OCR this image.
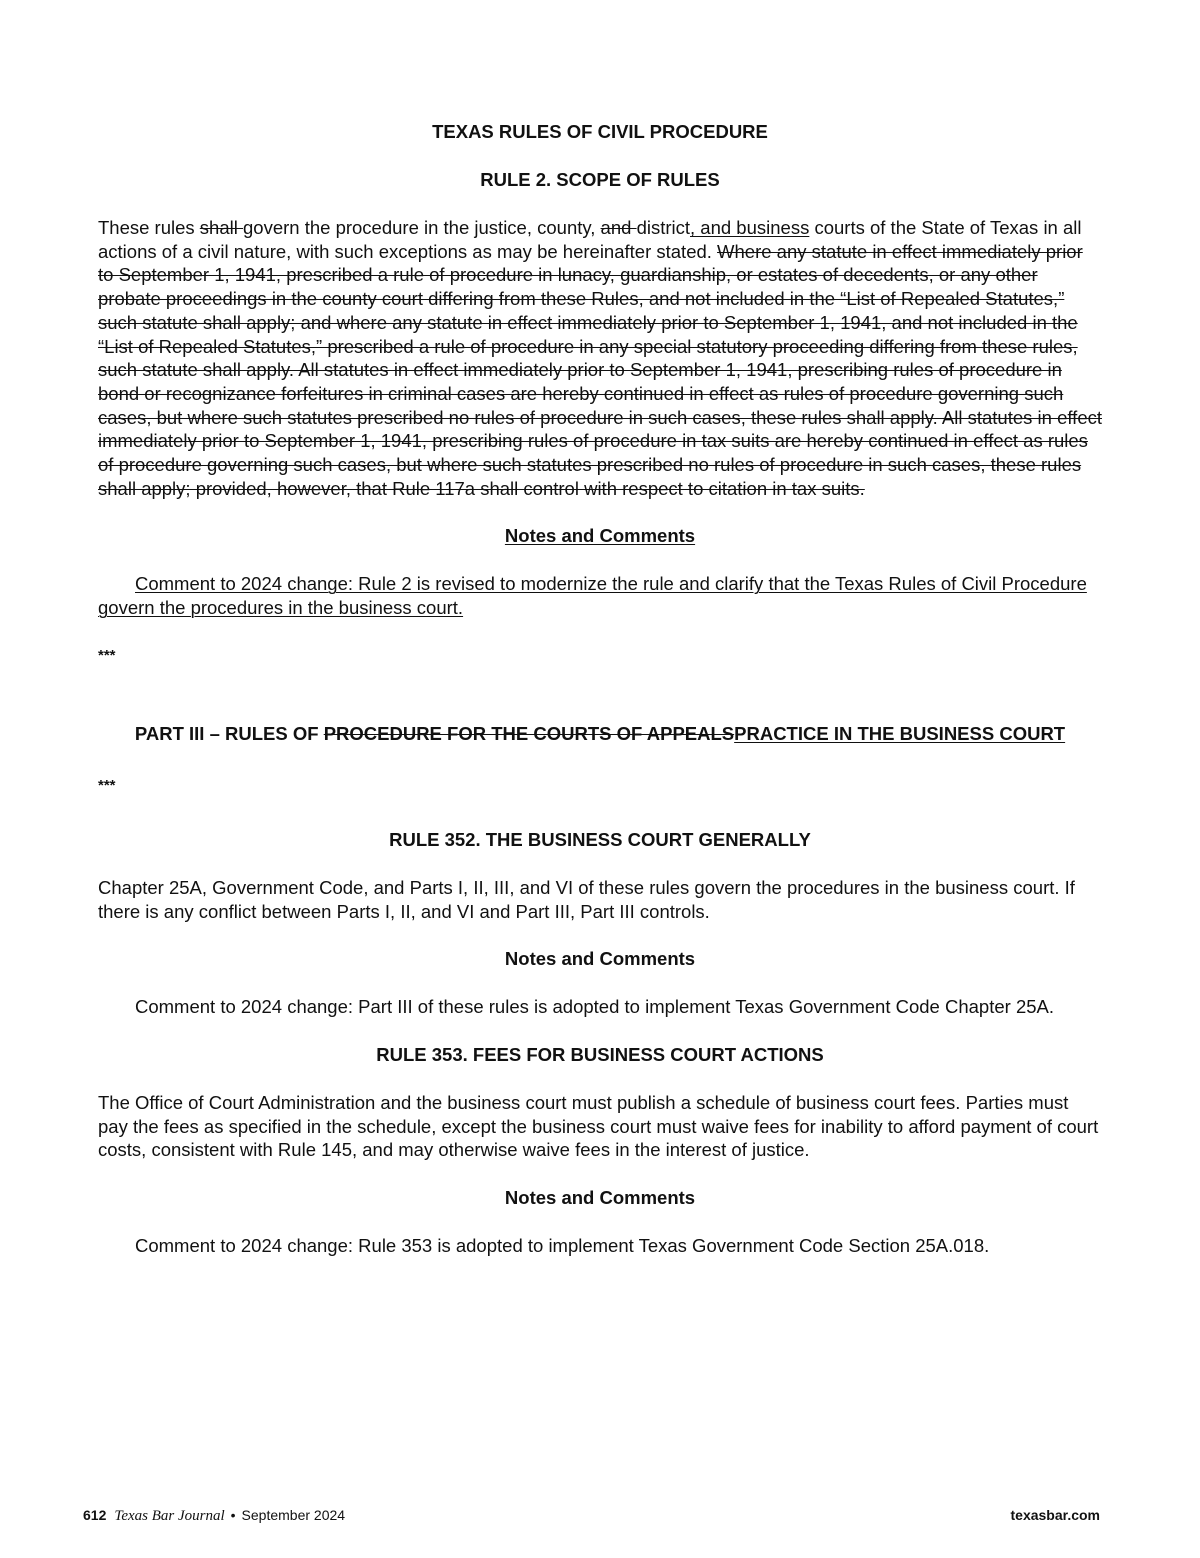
TEXAS RULES OF CIVIL PROCEDURE

RULE 2. SCOPE OF RULES

These rules shall govern the procedure in the justice, county, and district, and business courts of the State of Texas in all actions of a civil nature, with such exceptions as may be hereinafter stated. Where any statute in effect immediately prior to September 1, 1941, prescribed a rule of procedure in lunacy, guardianship, or estates of decedents, or any other probate proceedings in the county court differing from these Rules, and not included in the “List of Repealed Statutes,” such statute shall apply; and where any statute in effect immediately prior to September 1, 1941, and not included in the “List of Repealed Statutes,” prescribed a rule of procedure in any special statutory proceeding differing from these rules, such statute shall apply. All statutes in effect immediately prior to September 1, 1941, prescribing rules of procedure in bond or recognizance forfeitures in criminal cases are hereby continued in effect as rules of procedure governing such cases, but where such statutes prescribed no rules of procedure in such cases, these rules shall apply. All statutes in effect immediately prior to September 1, 1941, prescribing rules of procedure in tax suits are hereby continued in effect as rules of procedure governing such cases, but where such statutes prescribed no rules of procedure in such cases, these rules shall apply; provided, however, that Rule 117a shall control with respect to citation in tax suits.

Notes and Comments

Comment to 2024 change: Rule 2 is revised to modernize the rule and clarify that the Texas Rules of Civil Procedure govern the procedures in the business court.

***

PART III – RULES OF PROCEDURE FOR THE COURTS OF APPEALSPRACTICE IN THE BUSINESS COURT

***

RULE 352. THE BUSINESS COURT GENERALLY

Chapter 25A, Government Code, and Parts I, II, III, and VI of these rules govern the procedures in the business court. If there is any conflict between Parts I, II, and VI and Part III, Part III controls.

Notes and Comments

Comment to 2024 change: Part III of these rules is adopted to implement Texas Government Code Chapter 25A.

RULE 353. FEES FOR BUSINESS COURT ACTIONS

The Office of Court Administration and the business court must publish a schedule of business court fees. Parties must pay the fees as specified in the schedule, except the business court must waive fees for inability to afford payment of court costs, consistent with Rule 145, and may otherwise waive fees in the interest of justice.

Notes and Comments

Comment to 2024 change: Rule 353 is adopted to implement Texas Government Code Section 25A.018.

612 Texas Bar Journal • September 2024	texasbar.com
